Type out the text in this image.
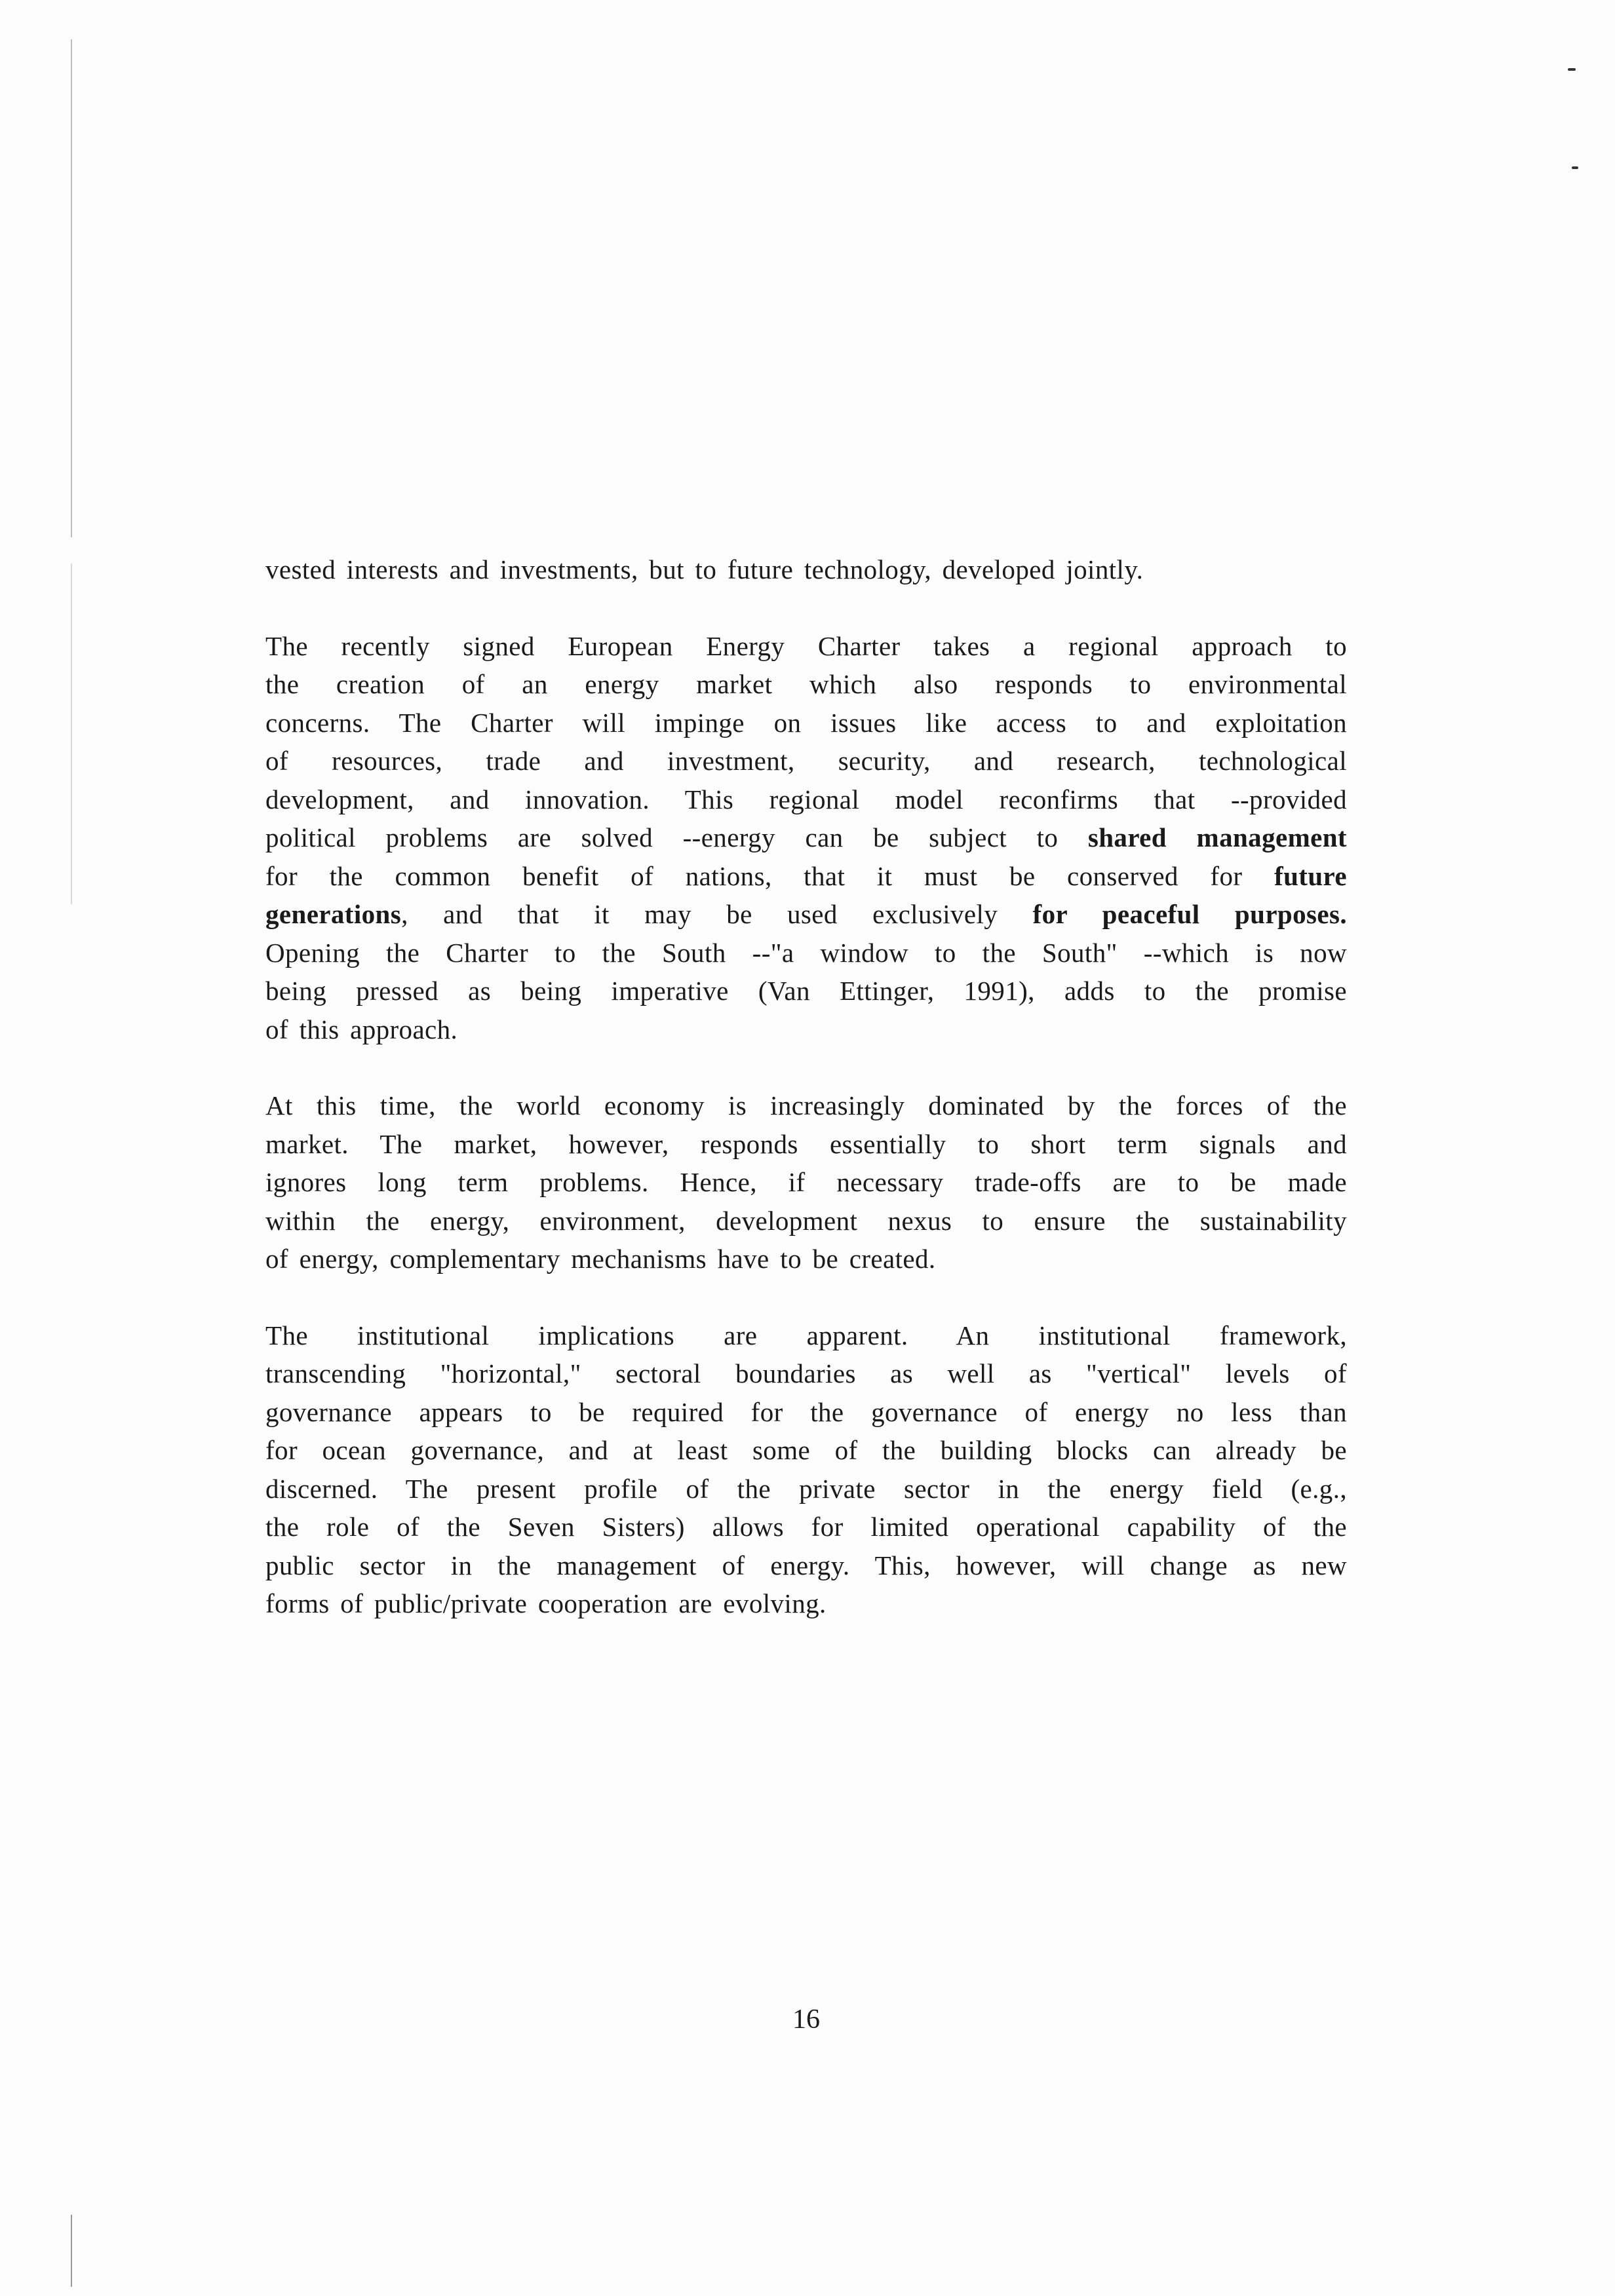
vested interests and investments, but to future technology, developed jointly.
The recently signed European Energy Charter takes a regional approach to
the creation of an energy market which also responds to environmental
concerns. The Charter will impinge on issues like access to and exploitation
of resources, trade and investment, security, and research, technological
development, and innovation. This regional model reconfirms that --provided
political problems are solved --energy can be subject to shared management
for the common benefit of nations, that it must be conserved for future
generations, and that it may be used exclusively for peaceful purposes.
Opening the Charter to the South --"a window to the South" --which is now
being pressed as being imperative (Van Ettinger, 1991), adds to the promise
of this approach.
At this time, the world economy is increasingly dominated by the forces of the
market. The market, however, responds essentially to short term signals and
ignores long term problems. Hence, if necessary trade-offs are to be made
within the energy, environment, development nexus to ensure the sustainability
of energy, complementary mechanisms have to be created.
The institutional implications are apparent. An institutional framework,
transcending "horizontal," sectoral boundaries as well as "vertical" levels of
governance appears to be required for the governance of energy no less than
for ocean governance, and at least some of the building blocks can already be
discerned. The present profile of the private sector in the energy field (e.g.,
the role of the Seven Sisters) allows for limited operational capability of the
public sector in the management of energy. This, however, will change as new
forms of public/private cooperation are evolving.
16
